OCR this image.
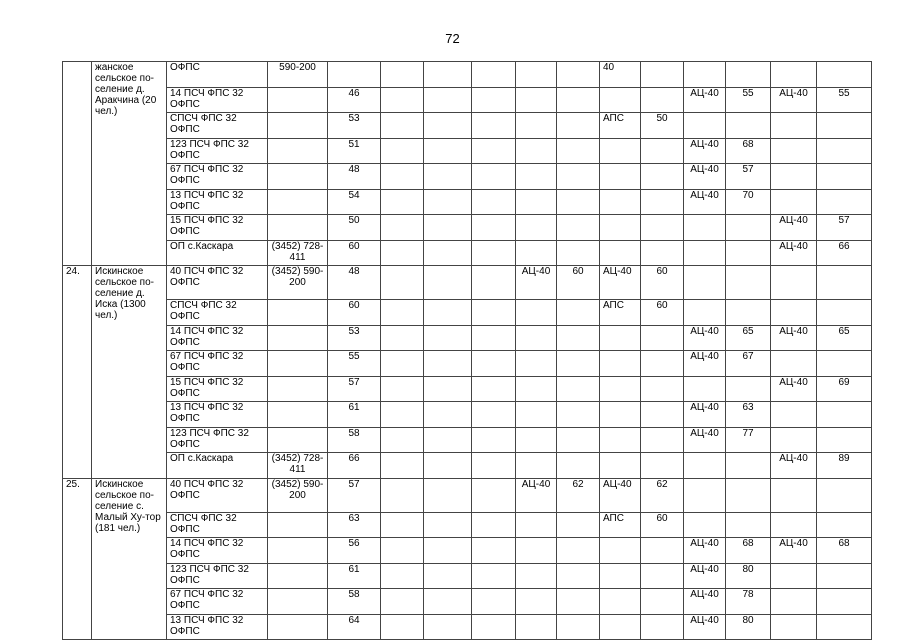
72
	жанское сельское по-селение д. Аракчина (20 чел.)	ОФПС	590-200							40						
		14 ПСЧ ФПС 32 ОФПС		46								АЦ-40	55	АЦ-40	55	
		СПСЧ ФПС 32 ОФПС		53						АПС	50					
		123 ПСЧ ФПС 32 ОФПС		51								АЦ-40	68			
		67 ПСЧ ФПС 32 ОФПС		48								АЦ-40	57			
		13 ПСЧ ФПС 32 ОФПС		54								АЦ-40	70			
		15 ПСЧ ФПС 32 ОФПС		50										АЦ-40	57	
		ОП с.Каскара	(3452) 728-411	60										АЦ-40	66	
24.	Искинское сельское по-селение д. Иска (1300 чел.)	40 ПСЧ ФПС 32 ОФПС	(3452) 590-200	48				АЦ-40	60	АЦ-40	60					
		СПСЧ ФПС 32 ОФПС		60						АПС	60					
		14 ПСЧ ФПС 32 ОФПС		53								АЦ-40	65	АЦ-40	65	
		67 ПСЧ ФПС 32 ОФПС		55								АЦ-40	67			
		15 ПСЧ ФПС 32 ОФПС		57										АЦ-40	69	
		13 ПСЧ ФПС 32 ОФПС		61								АЦ-40	63			
		123 ПСЧ ФПС 32 ОФПС		58								АЦ-40	77			
		ОП с.Каскара	(3452) 728-411	66										АЦ-40	89	
25.	Искинское сельское по-селение с. Малый Ху-тор (181 чел.)	40 ПСЧ ФПС 32 ОФПС	(3452) 590-200	57				АЦ-40	62	АЦ-40	62					
		СПСЧ ФПС 32 ОФПС		63						АПС	60					
		14 ПСЧ ФПС 32 ОФПС		56								АЦ-40	68	АЦ-40	68	
		123 ПСЧ ФПС 32 ОФПС		61								АЦ-40	80			
		67 ПСЧ ФПС 32 ОФПС		58								АЦ-40	78			
		13 ПСЧ ФПС 32 ОФПС		64								АЦ-40	80			
